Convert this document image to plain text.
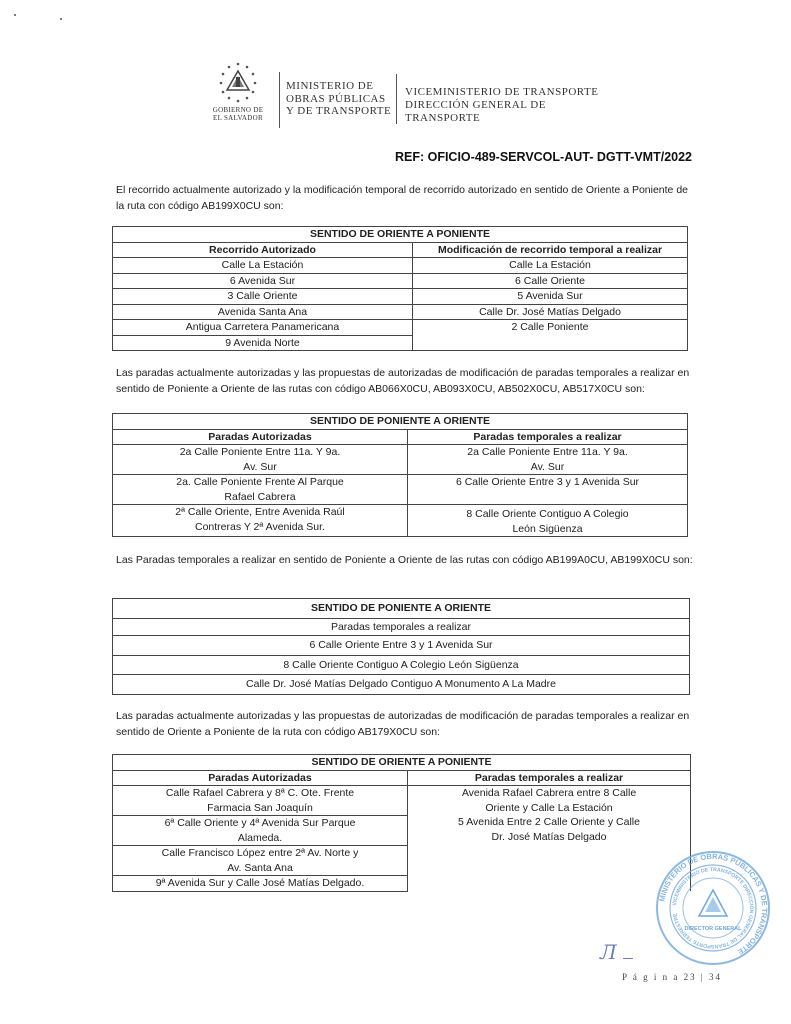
GOBIERNO DE
EL SALVADOR
MINISTERIO DE
OBRAS PÚBLICAS
Y DE TRANSPORTE
VICEMINISTERIO DE TRANSPORTE
DIRECCIÓN GENERAL DE TRANSPORTE
REF: OFICIO-489-SERVCOL-AUT- DGTT-VMT/2022
El recorrido actualmente autorizado y la modificación temporal de recorrido autorizado en sentido de Oriente a Poniente de la ruta con código AB199X0CU son:
SENTIDO DE ORIENTE A PONIENTE	
Recorrido Autorizado	Modificación de recorrido temporal a realizar
Calle La Estación	Calle La Estación
6 Avenida Sur	6 Calle Oriente
3 Calle Oriente	5 Avenida Sur
Avenida Santa Ana	Calle Dr. José Matías Delgado
Antigua Carretera Panamericana	2 Calle Poniente
9 Avenida Norte	
Las paradas actualmente autorizadas y las propuestas de autorizadas de modificación de paradas temporales a realizar en sentido de Poniente a Oriente de las rutas con código AB066X0CU, AB093X0CU, AB502X0CU, AB517X0CU son:
SENTIDO DE PONIENTE A ORIENTE	
Paradas Autorizadas	Paradas temporales a realizar
2a Calle Poniente Entre 11a. Y 9a. Av. Sur	2a Calle Poniente Entre 11a. Y 9a. Av. Sur
2a. Calle Poniente Frente Al Parque Rafael Cabrera	6 Calle Oriente Entre 3 y 1 Avenida Sur
2ª Calle Oriente, Entre Avenida Raúl Contreras Y 2ª Avenida Sur.	8 Calle Oriente Contiguo A Colegio León Sigüenza
Las Paradas temporales a realizar en sentido de Poniente a Oriente de las rutas con código AB199A0CU, AB199X0CU son:
SENTIDO DE PONIENTE A ORIENTE
Paradas temporales a realizar
6 Calle Oriente Entre 3 y 1 Avenida Sur
8 Calle Oriente Contiguo A Colegio León Sigüenza
Calle Dr. José Matías Delgado Contiguo A Monumento A La Madre
Las paradas actualmente autorizadas y las propuestas de autorizadas de modificación de paradas temporales a realizar en sentido de Oriente a Poniente de la ruta con código AB179X0CU son:
SENTIDO DE ORIENTE A PONIENTE	
Paradas Autorizadas	Paradas temporales a realizar
Calle Rafael Cabrera y 8ª C. Ote. Frente Farmacia San Joaquín	Avenida Rafael Cabrera entre 8 Calle Oriente y Calle La Estación
5 Avenida Entre 2 Calle Oriente y Calle Dr. José Matías Delgado

6ª Calle Oriente y 4ª Avenida Sur Parque Alameda.	
Calle Francisco López entre 2ª Av. Norte y Av. Santa Ana	
9ª Avenida Sur y Calle José Matías Delgado.	
MINISTERIO DE OBRAS PÚBLICAS Y DE TRANSPORTE
VICEMINISTERIO DE TRANSPORTE DIRECCIÓN GENERAL DE TRANSPORTE TERRESTRE
DIRECTOR GENERAL
Л
P á g i n a 23 | 34
